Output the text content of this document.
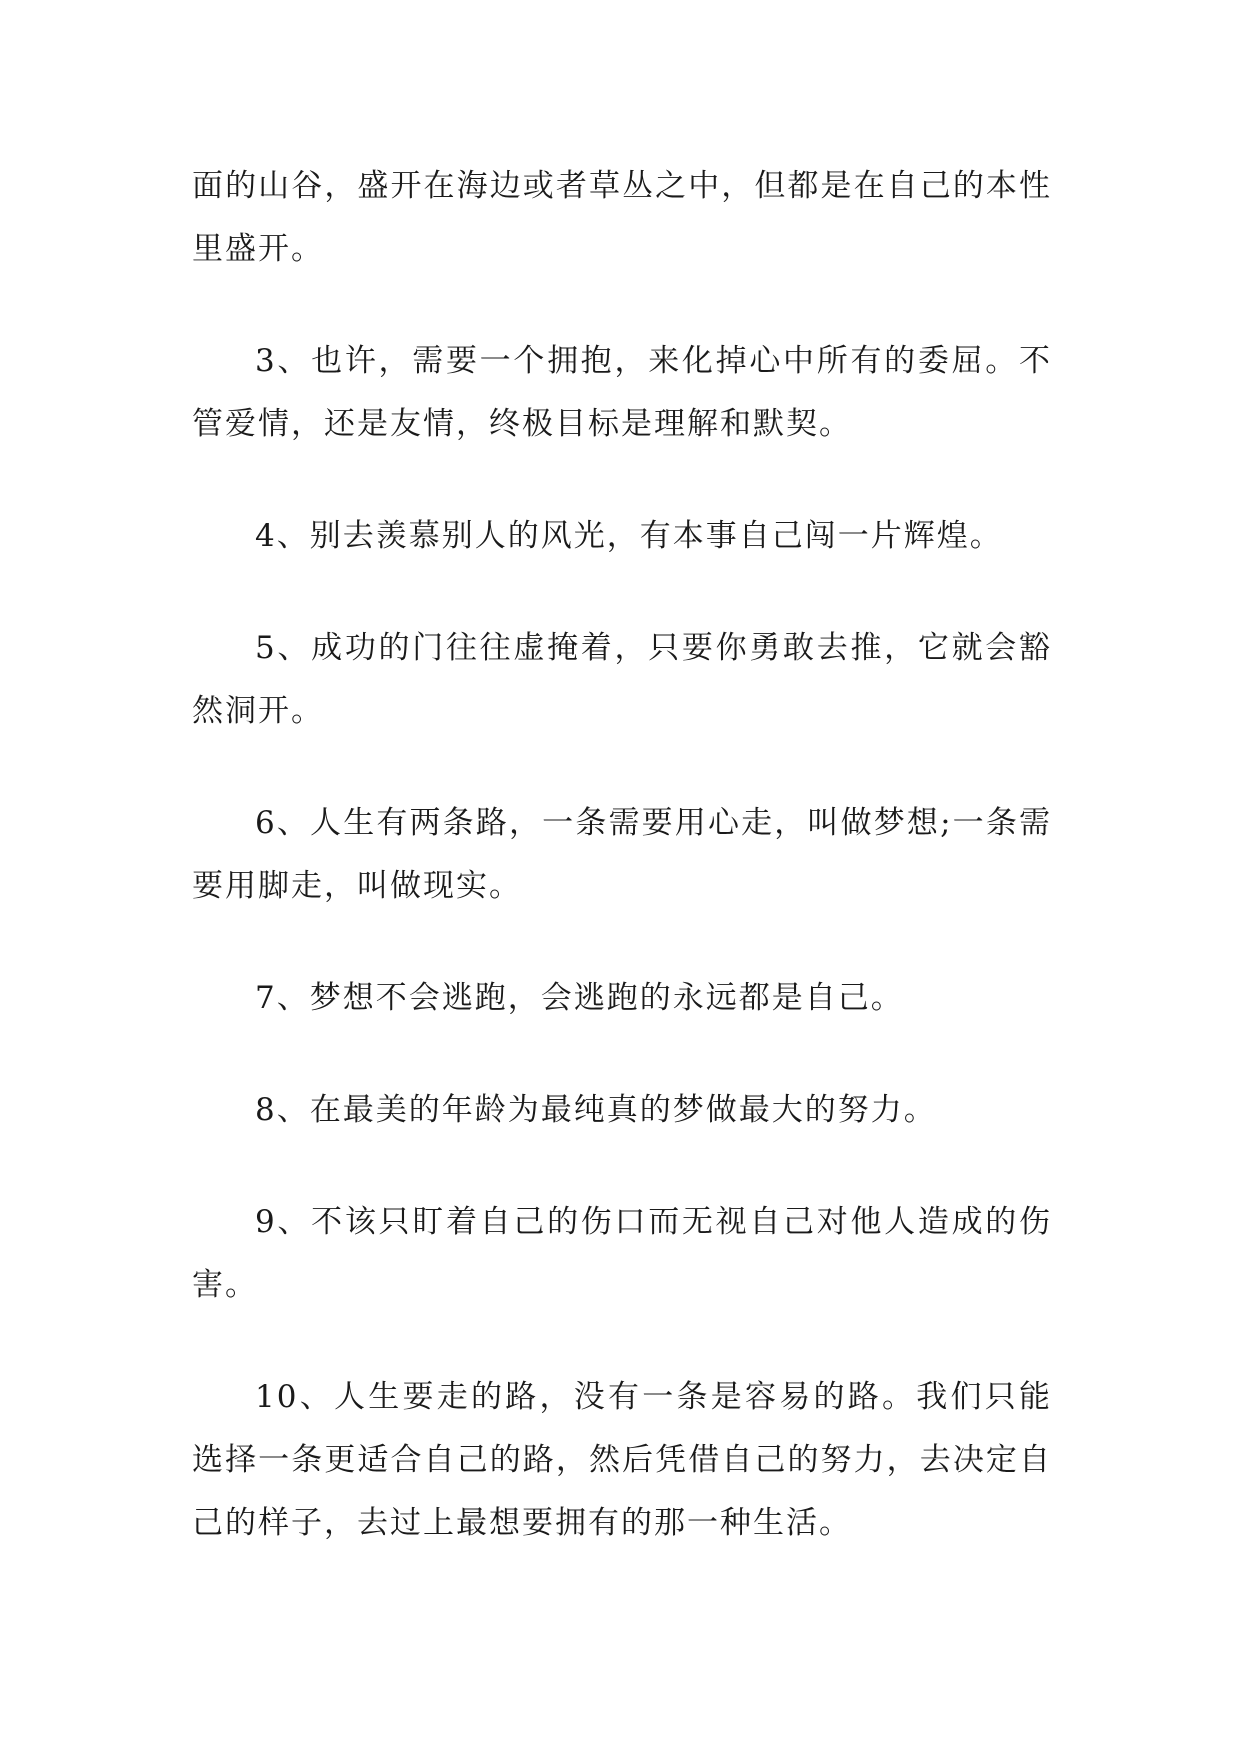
面的山谷，盛开在海边或者草丛之中，但都是在自己的本性里盛开。

3、也许，需要一个拥抱，来化掉心中所有的委屈。不管爱情，还是友情，终极目标是理解和默契。

4、别去羡慕别人的风光，有本事自己闯一片辉煌。

5、成功的门往往虚掩着，只要你勇敢去推，它就会豁然洞开。

6、人生有两条路，一条需要用心走，叫做梦想;一条需要用脚走，叫做现实。

7、梦想不会逃跑，会逃跑的永远都是自己。

8、在最美的年龄为最纯真的梦做最大的努力。

9、不该只盯着自己的伤口而无视自己对他人造成的伤害。

10、人生要走的路，没有一条是容易的路。我们只能选择一条更适合自己的路，然后凭借自己的努力，去决定自己的样子，去过上最想要拥有的那一种生活。
